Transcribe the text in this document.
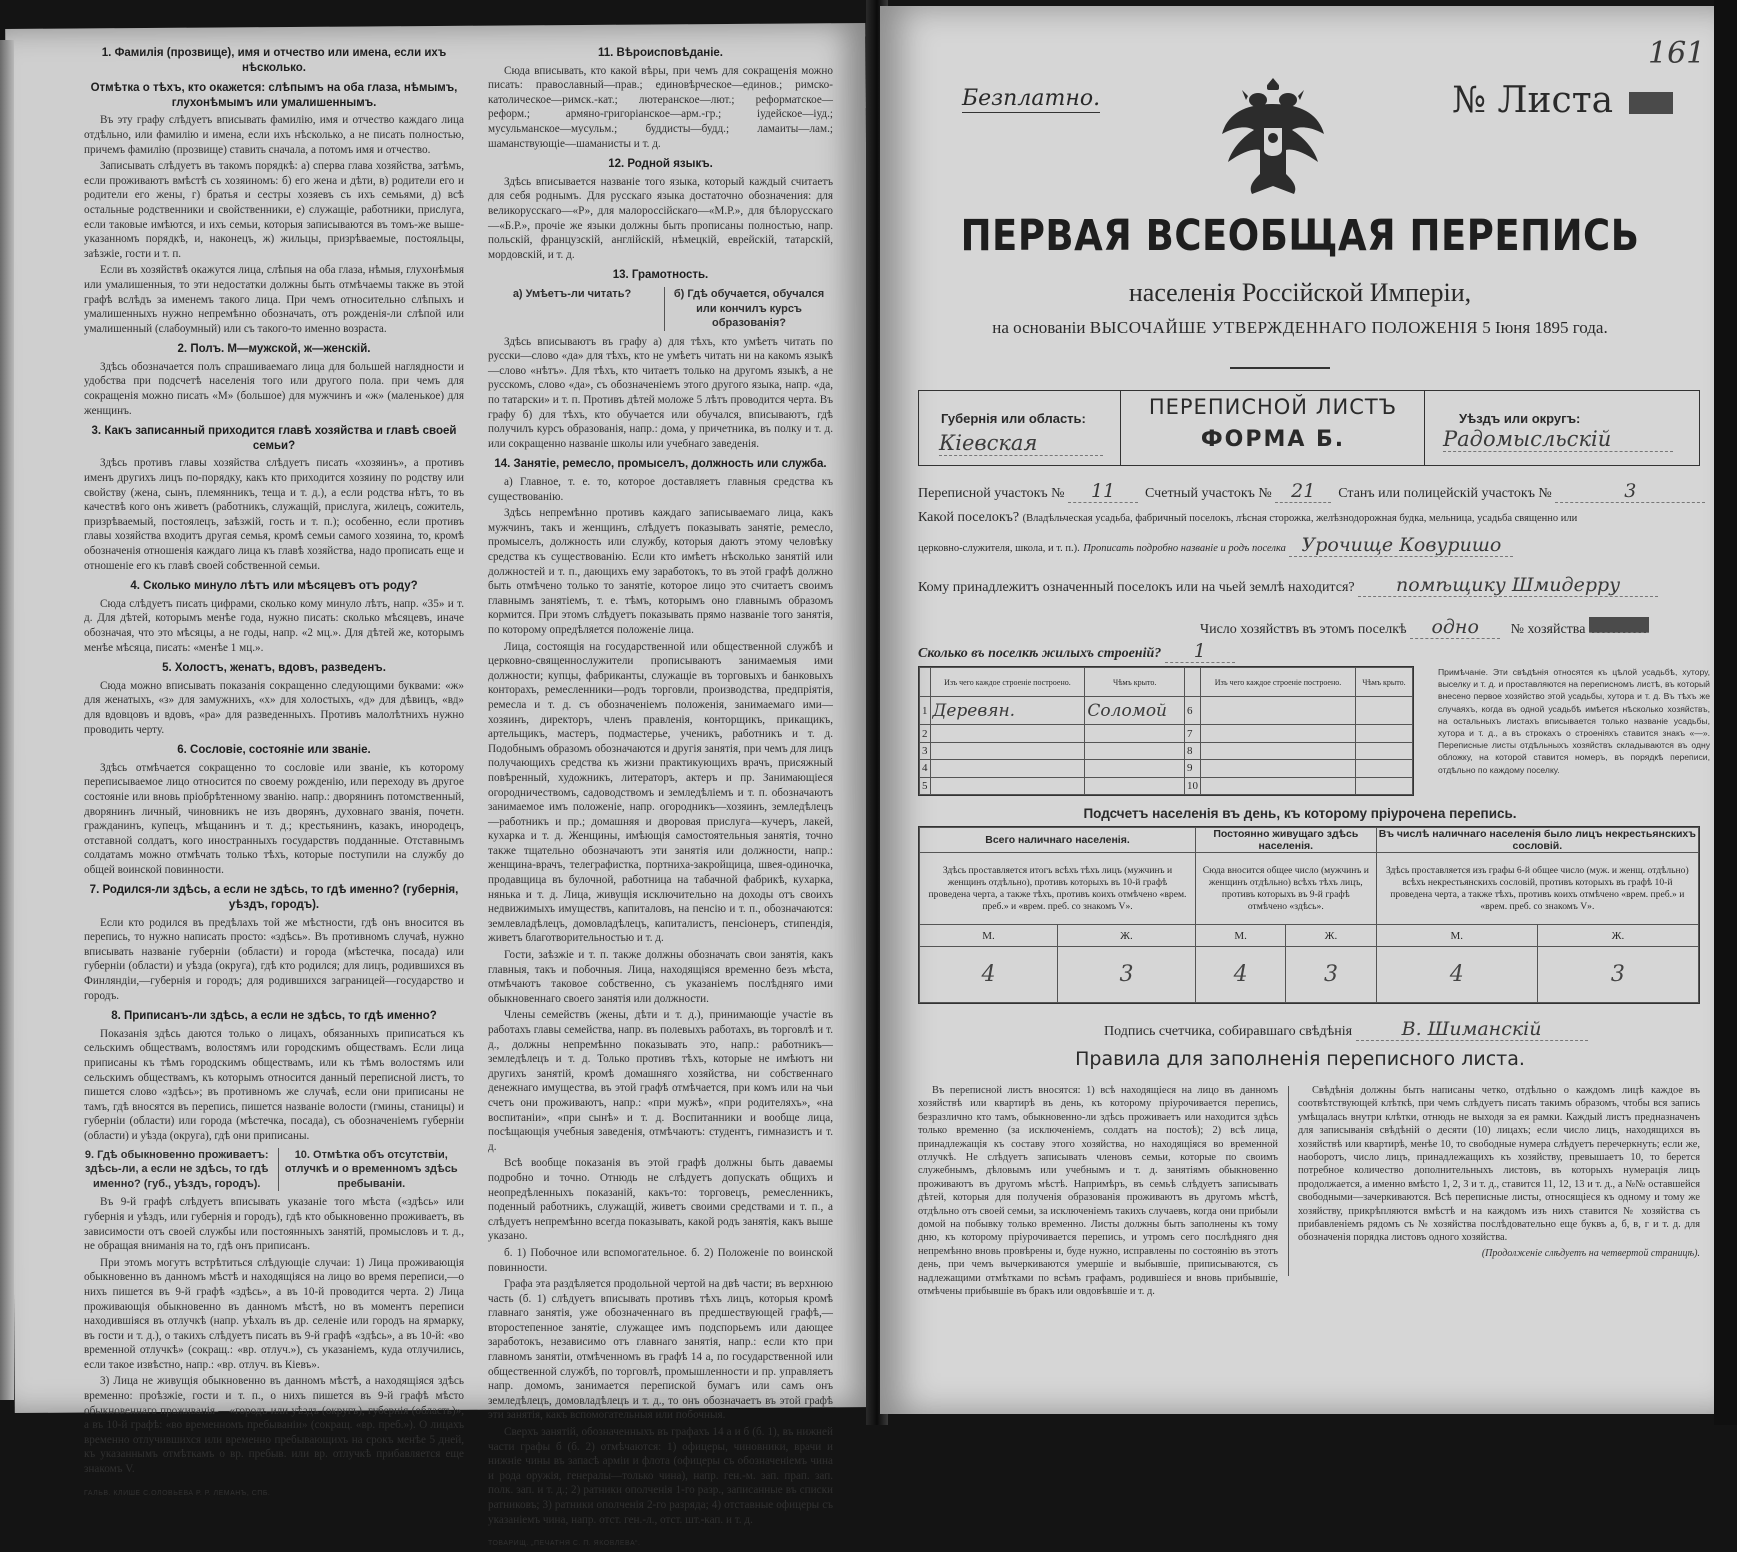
1. Фамилія (прозвище), имя и отчество или имена, если ихъ нѣсколько.
Отмѣтка о тѣхъ, кто окажется: слѣпымъ на оба глаза, нѣмымъ, глухонѣмымъ или умалишеннымъ.

Въ эту графу слѣдуетъ вписывать фамилію, имя и отчество каждаго лица отдѣльно, или фамилію и имена, если ихъ нѣсколько, а не писать полностью, причемъ фамилію (прозвище) ставить сначала, а потомъ имя и отчество.

Записывать слѣдуетъ въ такомъ порядкѣ: а) сперва глава хозяйства, затѣмъ, если проживаютъ вмѣстѣ съ хозяиномъ: б) его жена и дѣти, в) родители его и родители его жены, г) братья и сестры хозяевъ съ ихъ семьями, д) всѣ остальные родственники и свойственники, е) служащіе, работники, прислуга, если таковые имѣются, и ихъ семьи, которыя записываются въ томъ-же выше-указанномъ порядкѣ, и, наконецъ, ж) жильцы, призрѣваемые, постояльцы, заѣзжіе, гости и т. п.

Если въ хозяйствѣ окажутся лица, слѣпыя на оба глаза, нѣмыя, глухонѣмыя или умалишенныя, то эти недостатки должны быть отмѣчаемы также въ этой графѣ вслѣдъ за именемъ такого лица. При чемъ относительно слѣпыхъ и умалишенныхъ нужно непремѣнно обозначать, отъ рожденія-ли слѣпой или умалишенный (слабоумный) или съ такого-то именно возраста.

2. Полъ. М—мужской, ж—женскій.

Здѣсь обозначается полъ спрашиваемаго лица для большей наглядности и удобства при подсчетѣ населенія того или другого пола. при чемъ для сокращенія можно писать «М» (большое) для мужчинъ и «ж» (маленькое) для женщинъ.

3. Какъ записанный приходится главѣ хозяйства и главѣ своей семьи?

Здѣсь противъ главы хозяйства слѣдуетъ писать «хозяинъ», а противъ именъ другихъ лицъ по-порядку, какъ кто приходится хозяину по родству или свойству (жена, сынъ, племянникъ, теща и т. д.), а если родства нѣтъ, то въ качествѣ кого онъ живетъ (работникъ, служащій, прислуга, жилецъ, сожитель, призрѣваемый, постоялецъ, заѣзжій, гость и т. п.); особенно, если противъ главы хозяйства входитъ другая семья, кромѣ семьи самого хозяина, то, кромѣ обозначенія отношенія каждаго лица къ главѣ хозяйства, надо прописать еще и отношеніе его къ главѣ своей собственной семьи.

4. Сколько минуло лѣтъ или мѣсяцевъ отъ роду?

Сюда слѣдуетъ писать цифрами, сколько кому минуло лѣтъ, напр. «35» и т. д. Для дѣтей, которымъ менѣе года, нужно писать: сколько мѣсяцевъ, иначе обозначая, что это мѣсяцы, а не годы, напр. «2 мц.». Для дѣтей же, которымъ менѣе мѣсяца, писать: «менѣе 1 мц.».

5. Холостъ, женатъ, вдовъ, разведенъ.

Сюда можно вписывать показанія сокращенно следующими буквами: «ж» для женатыхъ, «з» для замужнихъ, «х» для холостыхъ, «д» для дѣвицъ, «вд» для вдовцовъ и вдовъ, «ра» для разведенныхъ. Противъ малолѣтнихъ нужно проводить черту.

6. Сословіе, состояніе или званіе.

Здѣсь отмѣчается сокращенно то сословіе или званіе, къ которому переписываемое лицо относится по своему рожденію, или переходу въ другое состояніе или вновь пріобрѣтенному званію. напр.: дворянинъ потомственный, дворянинъ личный, чиновникъ не изъ дворянъ, духовнаго званія, почетн. гражданинъ, купецъ, мѣщанинъ и т. д.; крестьянинъ, казакъ, инородецъ, отставной солдатъ, кого иностранныхъ государствъ подданные. Отставнымъ солдатамъ можно отмѣчать только тѣхъ, которые поступили на службу до общей воинской повинности.

7. Родился-ли здѣсь, а если не здѣсь, то гдѣ именно? (губернія, уѣздъ, городъ).

Если кто родился въ предѣлахъ той же мѣстности, гдѣ онъ вносится въ перепись, то нужно написать просто: «здѣсь». Въ противномъ случаѣ, нужно вписывать названіе губерніи (области) и города (мѣстечка, посада) или губерніи (области) и уѣзда (округа), гдѣ кто родился; для лицъ, родившихся въ Финляндіи,—губернія и городъ; для родившихся заграницей—государство и городъ.

8. Приписанъ-ли здѣсь, а если не здѣсь, то гдѣ именно?

Показанія здѣсь даются только о лицахъ, обязанныхъ приписаться къ сельскимъ обществамъ, волостямъ или городскимъ обществамъ. Если лица приписаны къ тѣмъ городскимъ обществамъ, или къ тѣмъ волостямъ или сельскимъ обществамъ, къ которымъ относится данный переписной листъ, то пишется слово «здѣсь»; въ противномъ же случаѣ, если они приписаны не тамъ, гдѣ вносятся въ перепись, пишется названіе волости (гмины, станицы) и губерніи (области) или города (мѣстечка, посада), съ обозначеніемъ губерніи (области) и уѣзда (округа), гдѣ они приписаны.

9. Гдѣ обыкновенно проживаетъ: здѣсь-ли, а если не здѣсь, то гдѣ именно? (губ., уѣздъ, городъ).
10. Отмѣтка объ отсутствіи, отлучкѣ и о временномъ здѣсь пребываніи.

Въ 9-й графѣ слѣдуетъ вписывать указаніе того мѣста («здѣсь» или губернія и уѣздъ, или губернія и городъ), гдѣ кто обыкновенно проживаетъ, въ зависимости отъ своей службы или постоянныхъ занятій, промысловъ и т. д., не обращая вниманія на то, гдѣ онъ приписанъ.

При этомъ могутъ встрѣтиться слѣдующіе случаи: 1) Лица проживающія обыкновенно въ данномъ мѣстѣ и находящіяся на лицо во время переписи,—о нихъ пишется въ 9-й графѣ «здѣсь», а въ 10-й проводится черта. 2) Лица проживающія обыкновенно въ данномъ мѣстѣ, но въ моментъ переписи находившіяся въ отлучкѣ (напр. уѣхалъ въ др. селеніе или городъ на ярмарку, въ гости и т. д.), о такихъ слѣдуетъ писать въ 9-й графѣ «здѣсь», а въ 10-й: «во временной отлучкѣ» (сокращ.: «вр. отлуч.»), съ указаніемъ, куда отлучились, если такое извѣстно, напр.: «вр. отлуч. въ Кіевъ».

3) Лица не живущія обыкновенно въ данномъ мѣстѣ, а находящіяся здѣсь временно: проѣзжіе, гости и т. п., о нихъ пишется въ 9-й графѣ мѣсто обыкновеннаго проживанія —«городъ или уѣздъ (округъ), губернія (область)», а въ 10-й графѣ: «во временномъ пребываніи» (сокращ. «вр. преб.»). О лицахъ временно отлучившихся или временно пребывающихъ на срокъ менѣе 5 дней, къ указаннымъ отмѣткамъ о вр. пребыв. или вр. отлучкѣ прибавляется еще знакомъ V.

ГАЛЬВ. КЛИШЕ С.ОЛОВЬЕВА Р. Р. ЛЕМАНЪ, СПБ.
11. Вѣроисповѣданіе.

Сюда вписывать, кто какой вѣры, при чемъ для сокращенія можно писать: православный—прав.; единовѣрческое—единов.; римско-католическое—римск.-кат.; лютеранское—лют.; реформатское—реформ.; армяно-григоріанское—арм.-гр.; іудейское—іуд.; мусульманское—мусульм.; буддисты—будд.; ламаиты—лам.; шаманствующіе—шаманисты и т. д.

12. Родной языкъ.

Здѣсь вписывается названіе того языка, который каждый считаетъ для себя роднымъ. Для русскаго языка достаточно обозначения: для великорусскаго—«Р», для малороссійскаго—«М.Р.», для бѣлорусскаго—«Б.Р.», прочіе же языки должны быть прописаны полностью, напр. польскій, французскій, англійскій, нѣмецкій, еврейскій, татарскій, мордовскій, и т. д.

13. Грамотность.
а) Умѣетъ-ли читать?	б) Гдѣ обучается, обучался или кончилъ курсъ образованія?

Здѣсь вписываютъ въ графу а) для тѣхъ, кто умѣетъ читать по русски—слово «да» для тѣхъ, кто не умѣетъ читать ни на какомъ языкѣ—слово «нѣтъ». Для тѣхъ, кто читаетъ только на другомъ языкѣ, а не русскомъ, слово «да», съ обозначеніемъ этого другого языка, напр. «да, по татарски» и т. п. Противъ дѣтей моложе 5 лѣтъ проводится черта. Въ графу б) для тѣхъ, кто обучается или обучался, вписываютъ, гдѣ получилъ курсъ образованія, напр.: дома, у причетника, въ полку и т. д. или сокращенно названіе школы или учебнаго заведенія.

14. Занятіе, ремесло, промыселъ, должность или служба.

а) Главное, т. е. то, которое доставляетъ главныя средства къ существованію.

Здѣсь непремѣнно противъ каждаго записываемаго лица, какъ мужчинъ, такъ и женщинъ, слѣдуетъ показывать занятіе, ремесло, промыселъ, должность или службу, которыя даютъ этому человѣку средства къ существованію. Если кто имѣетъ нѣсколько занятій или должностей и т. п., дающихъ ему заработокъ, то въ этой графѣ должно быть отмѣчено только то занятіе, которое лицо это считаетъ своимъ главнымъ занятіемъ, т. е. тѣмъ, которымъ оно главнымъ образомъ кормится. При этомъ слѣдуетъ показывать прямо названіе того занятія, по которому опредѣляется положеніе лица.

Лица, состоящія на государственной или общественной службѣ и церковно-священнослужители прописываютъ занимаемыя ими должности; купцы, фабриканты, служащіе въ торговыхъ и банковыхъ конторахъ, ремесленники—родъ торговли, производства, предпріятія, ремесла и т. д. съ обозначеніемъ положенія, занимаемаго ими—хозяинъ, директоръ, членъ правленія, конторщикъ, прикащикъ, артельщикъ, мастеръ, подмастерье, ученикъ, работникъ и т. д. Подобнымъ образомъ обозначаются и другія занятія, при чемъ для лицъ получающихъ средства къ жизни практикующихъ врачъ, присяжный повѣренный, художникъ, литераторъ, актеръ и пр. Занимающіеся огородничествомъ, садоводствомъ и земледѣліемъ и т. п. обозначаютъ занимаемое имъ положеніе, напр. огородникъ—хозяинъ, земледѣлецъ—работникъ и пр.; домашняя и дворовая прислуга—кучеръ, лакей, кухарка и т. д. Женщины, имѣющія самостоятельныя занятія, точно также тщательно обозначаютъ эти занятія или должности, напр.: женщина-врачъ, телеграфистка, портниха-закройщица, швея-одиночка, продавщица въ булочной, работница на табачной фабрикѣ, кухарка, нянька и т. д. Лица, живущія исключительно на доходы отъ своихъ недвижимыхъ имуществъ, капиталовъ, на пенсію и т. п., обозначаются: землевладѣлецъ, домовладѣлецъ, капиталистъ, пенсіонеръ, стипендія, живетъ благотворительностью и т. д.

Гости, заѣзжіе и т. п. также должны обозначать свои занятія, какъ главныя, такъ и побочныя. Лица, находящіяся временно безъ мѣста, отмѣчаютъ таковое собственно, съ указаніемъ послѣдняго ими обыкновеннаго своего занятія или должности.

Члены семействъ (жены, дѣти и т. д.), принимающіе участіе въ работахъ главы семейства, напр. въ полевыхъ работахъ, въ торговлѣ и т. д., должны непремѣнно показывать это, напр.: работникъ—земледѣлецъ и т. д. Только противъ тѣхъ, которые не имѣютъ ни другихъ занятій, кромѣ домашняго хозяйства, ни собственнаго денежнаго имущества, въ этой графѣ отмѣчается, при комъ или на чьи счетъ они проживаютъ, напр.: «при мужѣ», «при родителяхъ», «на воспитаніи», «при сынѣ» и т. д. Воспитанники и вообще лица, посѣщающія учебныя заведенія, отмѣчаютъ: студентъ, гимназистъ и т. д.

Всѣ вообще показанія въ этой графѣ должны быть даваемы подробно и точно. Отнюдь не слѣдуетъ допускать общихъ и неопредѣленныхъ показаній, какъ-то: торговецъ, ремесленникъ, поденный работникъ, служащій, живетъ своими средствами и т. п., а слѣдуетъ непремѣнно всегда показывать, какой родъ занятія, какъ выше указано.

б. 1) Побочное или вспомогательное. б. 2) Положеніе по воинской повинности.

Графа эта раздѣляется продольной чертой на двѣ части; въ верхнюю часть (б. 1) слѣдуетъ вписывать противъ тѣхъ лицъ, которыя кромѣ главнаго занятія, уже обозначеннаго въ предшествующей графѣ,—второстепенное занятіе, служащее имъ подспорьемъ или дающее заработокъ, независимо отъ главнаго занятія, напр.: если кто при главномъ занятіи, отмѣченномъ въ графѣ 14 а, по государственной или общественной службѣ, по торговлѣ, промышленности и пр. управляетъ напр. домомъ, занимается перепиской бумагъ или самъ онъ земледѣлецъ, домовладѣлецъ и т. д., то онъ обозначаетъ въ этой графѣ эти занятія, какъ вспомогательныя или побочныя.

Сверхъ занятій, обозначенныхъ въ графахъ 14 а и б (б. 1), въ нижней части графы б (б. 2) отмѣчаются: 1) офицеры, чиновники, врачи и нижніе чины въ запасѣ арміи и флота (офицеры съ обозначеніемъ чина и рода оружія, генералы—только чина), напр. ген.-м. зап. прап. зап. полк. зап. и т. д.; 2) ратники ополченія 1-го разр., записанные въ списки ратниковъ; 3) ратники ополченія 2-го разряда; 4) отставные офицеры съ указаніемъ чина, напр. отст. ген.-л., отст. шт.-кап. и т. д.

ТОВАРИЩ. „ПЕЧАТНЯ С. П. ЯКОВЛЕВА“.
Безплатно.	№ Листа
161
ПЕРВАЯ ВСЕОБЩАЯ ПЕРЕПИСЬ
населенія Россійской Имперіи,
на основаніи ВЫСОЧАЙШЕ УТВЕРЖДЕННАГО ПОЛОЖЕНІЯ 5 Іюня 1895 года.
Губернія или область:
Кіевская
ПЕРЕПИСНОЙ ЛИСТЪ
ФОРМА Б.
Уѣздъ или округъ:
Радомысльскій
Переписной участокъ № 11 Счетный участокъ № 21 Станъ или полицейскій участокъ №	3
Какой поселокъ? (Владѣльческая усадьба, фабричный поселокъ, лѣсная сторожка, желѣзнодорожная будка, мельница, усадьба священно или
церковно-служителя, школа, и т. п.). Прописать подробно названіе и родъ поселка Урочище Ковуришо
Кому принадлежитъ означенный поселокъ или на чьей землѣ находится? помѣщику Шмидерру
Число хозяйствъ въ этомъ поселкѣ одно № хозяйства
Сколько въ поселкѣ жилыхъ строеній? 1
	Изъ чего каждое строеніе построено.	Чѣмъ крыто.		Изъ чего каждое строеніе построено.	Чѣмъ крыто.
1	Деревян.	Соломой	6		
2			7		
3			8		
4			9		
5			10		
Примѣчаніе. Эти свѣдѣнія относятся къ цѣлой усадьбѣ, хутору, выселку и т. д. и проставляются на переписномъ листѣ, въ который внесено первое хозяйство этой усадьбы, хутора и т. д. Въ тѣхъ же случаяхъ, когда въ одной усадьбѣ имѣется нѣсколько хозяйствъ, на остальныхъ листахъ вписывается только названіе усадьбы, хутора и т. д., а въ строкахъ о строеніяхъ ставится знакъ «—». Переписные листы отдѣльныхъ хозяйствъ складываются въ одну обложку, на которой ставится номеръ, въ порядкѣ переписи, отдѣльно по каждому поселку.
Подсчетъ населенія въ день, къ которому пріурочена перепись.
Всего наличнаго населенія.		Постоянно живущаго здѣсь населенія.		Въ числѣ наличнаго населенія было лицъ некрестьянскихъ сословій.	
Здѣсь проставляется итогъ всѣхъ тѣхъ лицъ (мужчинъ и женщинъ отдѣльно), противъ которыхъ въ 10-й графѣ проведена черта, а также тѣхъ, противъ коихъ отмѣчено «врем. преб.» и «врем. преб. со знакомъ V».		Сюда вносится общее число (мужчинъ и женщинъ отдѣльно) всѣхъ тѣхъ лицъ, противъ которыхъ въ 9-й графѣ отмѣчено «здѣсь».		Здѣсь проставляется изъ графы 6-й общее число (муж. и женщ. отдѣльно) всѣхъ некрестьянскихъ сословій, противъ которыхъ въ графѣ 10-й проведена черта, а также тѣхъ, противъ коихъ отмѣчено «врем. преб.» и «врем. преб. со знакомъ V».	
М.	Ж.	М.	Ж.	М.	Ж.
4	3	4	3	4	3
Подпись счетчика, собиравшаго свѣдѣнія	В. Шиманскій
Правила для заполненія переписного листа.

Въ переписной листъ вносятся: 1) всѣ находящіеся на лицо въ данномъ хозяйствѣ или квартирѣ въ день, къ которому пріурочивается перепись, безразлично кто тамъ, обыкновенно-ли здѣсь проживаетъ или находится здѣсь только временно (за исключеніемъ, солдатъ на постоѣ); 2) всѣ лица, принадлежащія къ составу этого хозяйства, но находящіяся во временной отлучкѣ. Не слѣдуетъ записывать членовъ семьи, которые по своимъ служебнымъ, дѣловымъ или учебнымъ и т. д. занятіямъ обыкновенно проживаютъ въ другомъ мѣстѣ. Напримѣръ, въ семьѣ слѣдуетъ записывать дѣтей, которыя для полученія образованія проживаютъ въ другомъ мѣстѣ, отдѣльно отъ своей семьи, за исключеніемъ такихъ случаевъ, когда они прибыли домой на побывку только временно. Листы должны быть заполнены къ тому дню, къ которому пріурочивается перепись, и утромъ сего послѣдняго дня непремѣнно вновь провѣрены и, буде нужно, исправлены по состоянію въ этотъ день, при чемъ вычеркиваются умершіе и выбывшіе, приписываются, съ надлежащими отмѣтками по всѣмъ графамъ, родившіеся и вновь прибывшіе, отмѣчены прибывшіе въ бракъ или овдовѣвшіе и т. д.

Свѣдѣнія должны быть написаны четко, отдѣльно о каждомъ лицѣ каждое въ соотвѣтствующей клѣткѣ, при чемъ слѣдуетъ писать такимъ образомъ, чтобы вся запись умѣщалась внутри клѣтки, отнюдь не выходя за ея рамки. Каждый листъ предназначенъ для записыванія свѣдѣній о десяти (10) лицахъ; если число лицъ, находящихся въ хозяйствѣ или квартирѣ, менѣе 10, то свободные нумера слѣдуетъ перечеркнуть; если же, наоборотъ, число лицъ, принадлежащихъ къ хозяйству, превышаетъ 10, то берется потребное количество дополнительныхъ листовъ, въ которыхъ нумерація лицъ продолжается, а именно вмѣсто 1, 2, 3 и т. д., ставится 11, 12, 13 и т. д., а №№ оставшейся свободными—зачеркиваются. Всѣ переписные листы, относящіеся къ одному и тому же хозяйству, прикрѣпляются вмѣстѣ и на каждомъ изъ нихъ ставится № хозяйства съ прибавленіемъ рядомъ съ № хозяйства послѣдовательно еще буквъ а, б, в, г и т. д. для обозначенія порядка листовъ одного хозяйства.

(Продолженіе слѣдуетъ на четвертой страницѣ).
